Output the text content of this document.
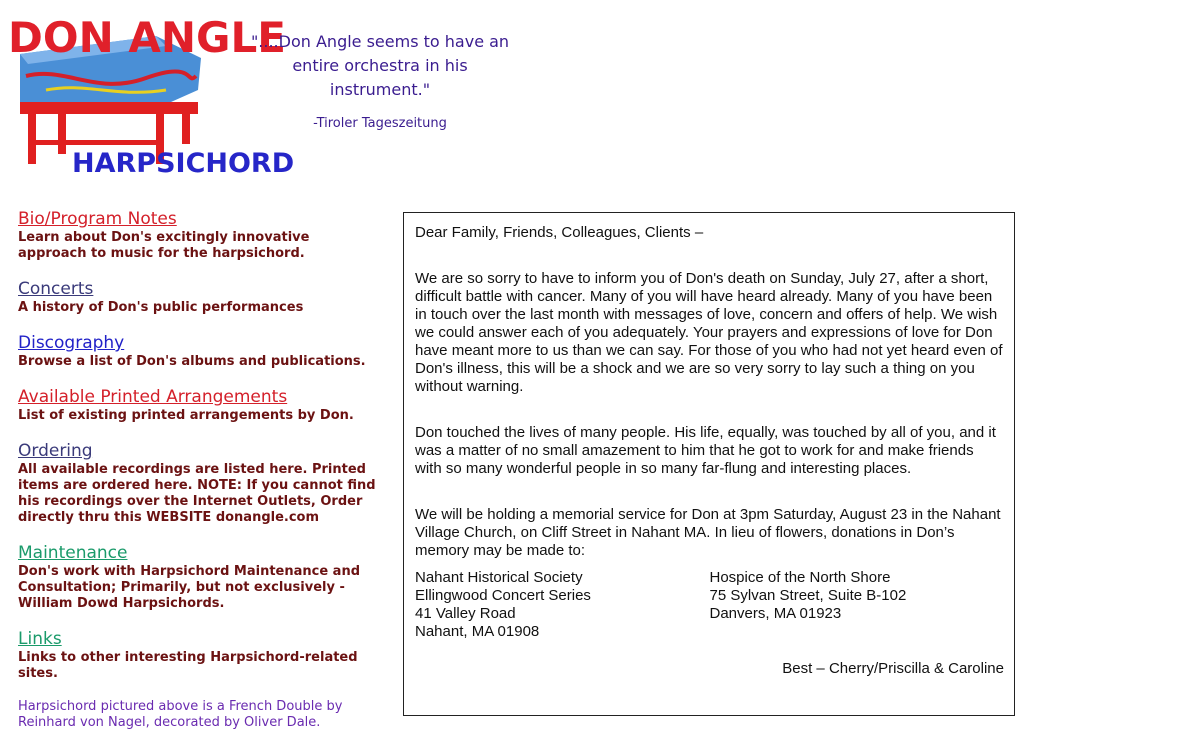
DON ANGLE
HARPSICHORD
"....Don Angle seems to have an
entire orchestra in his
instrument."
-Tiroler Tageszeitung
Bio/Program Notes
Learn about Don's excitingly innovative approach to music for the harpsichord.
Concerts
A history of Don's public performances
Discography
Browse a list of Don's albums and publications.
Available Printed Arrangements
List of existing printed arrangements by Don.
Ordering
All available recordings are listed here. Printed items are ordered here. NOTE: If you cannot find his recordings over the Internet Outlets, Order directly thru this WEBSITE donangle.com
Maintenance
Don's work with Harpsichord Maintenance and Consultation; Primarily, but not exclusively - William Dowd Harpsichords.
Links
Links to other interesting Harpsichord-related sites.
Harpsichord pictured above is a French Double by Reinhard von Nagel, decorated by Oliver Dale.

Dear Family, Friends, Colleagues, Clients –

We are so sorry to have to inform you of Don's death on Sunday, July 27, after a short, difficult battle with cancer. Many of you will have heard already. Many of you have been in touch over the last month with messages of love, concern and offers of help. We wish we could answer each of you adequately. Your prayers and expressions of love for Don have meant more to us than we can say. For those of you who had not yet heard even of Don's illness, this will be a shock and we are so very sorry to lay such a thing on you without warning.

Don touched the lives of many people. His life, equally, was touched by all of you, and it was a matter of no small amazement to him that he got to work for and make friends with so many wonderful people in so many far-flung and interesting places.

We will be holding a memorial service for Don at 3pm Saturday, August 23 in the Nahant Village Church, on Cliff Street in Nahant MA. In lieu of flowers, donations in Don’s memory may be made to:

Nahant Historical Society
Ellingwood Concert Series
41 Valley Road
Nahant, MA 01908
Hospice of the North Shore
75 Sylvan Street, Suite B-102
Danvers, MA 01923
Best – Cherry/Priscilla & Caroline
